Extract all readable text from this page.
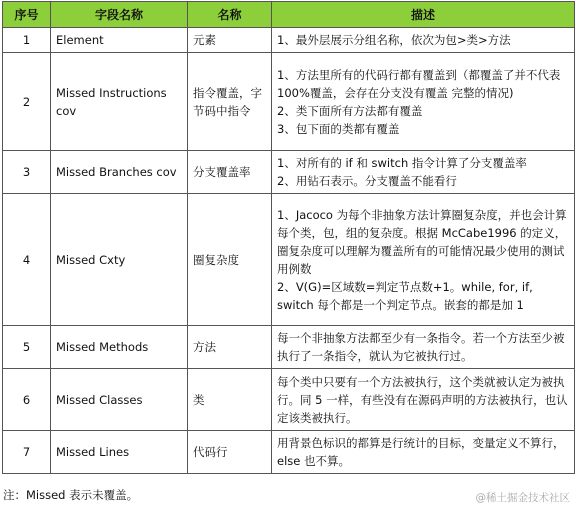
序号	字段名称	名称	描述
1	Element	元素	1、最外层展示分组名称，依次为包>类>方法

2	Missed Instructions cov	指令覆盖，字节码中指令	1、方法里所有的代码行都有覆盖到（都覆盖了并不代表 100%覆盖，会存在分支没有覆盖 完整的情况)
2、类下面所有方法都有覆盖
3、包下面的类都有覆盖

3	Missed Branches cov	分支覆盖率	1、对所有的 if 和 switch 指令计算了分支覆盖率
2、用钻石表示。分支覆盖不能看行

4	Missed Cxty	圈复杂度	1、Jacoco 为每个非抽象方法计算圈复杂度，并也会计算每个类，包，组的复杂度。根据 McCabe1996 的定义，圈复杂度可以理解为覆盖所有的可能情况最少使用的测试用例数
2、V(G)=区域数=判定节点数+1。while, for, if, switch 每个都是一个判定节点。嵌套的都是加 1

5	Missed Methods	方法	每一个非抽象方法都至少有一条指令。若一个方法至少被执行了一条指令，就认为它被执行过。

6	Missed Classes	类	每个类中只要有一个方法被执行，这个类就被认定为被执行。同 5 一样，有些没有在源码声明的方法被执行，也认定该类被执行。

7	Missed Lines	代码行	用背景色标识的都算是行统计的目标，变量定义不算行，else 也不算。
注：Missed 表示未覆盖。	@稀土掘金技术社区
